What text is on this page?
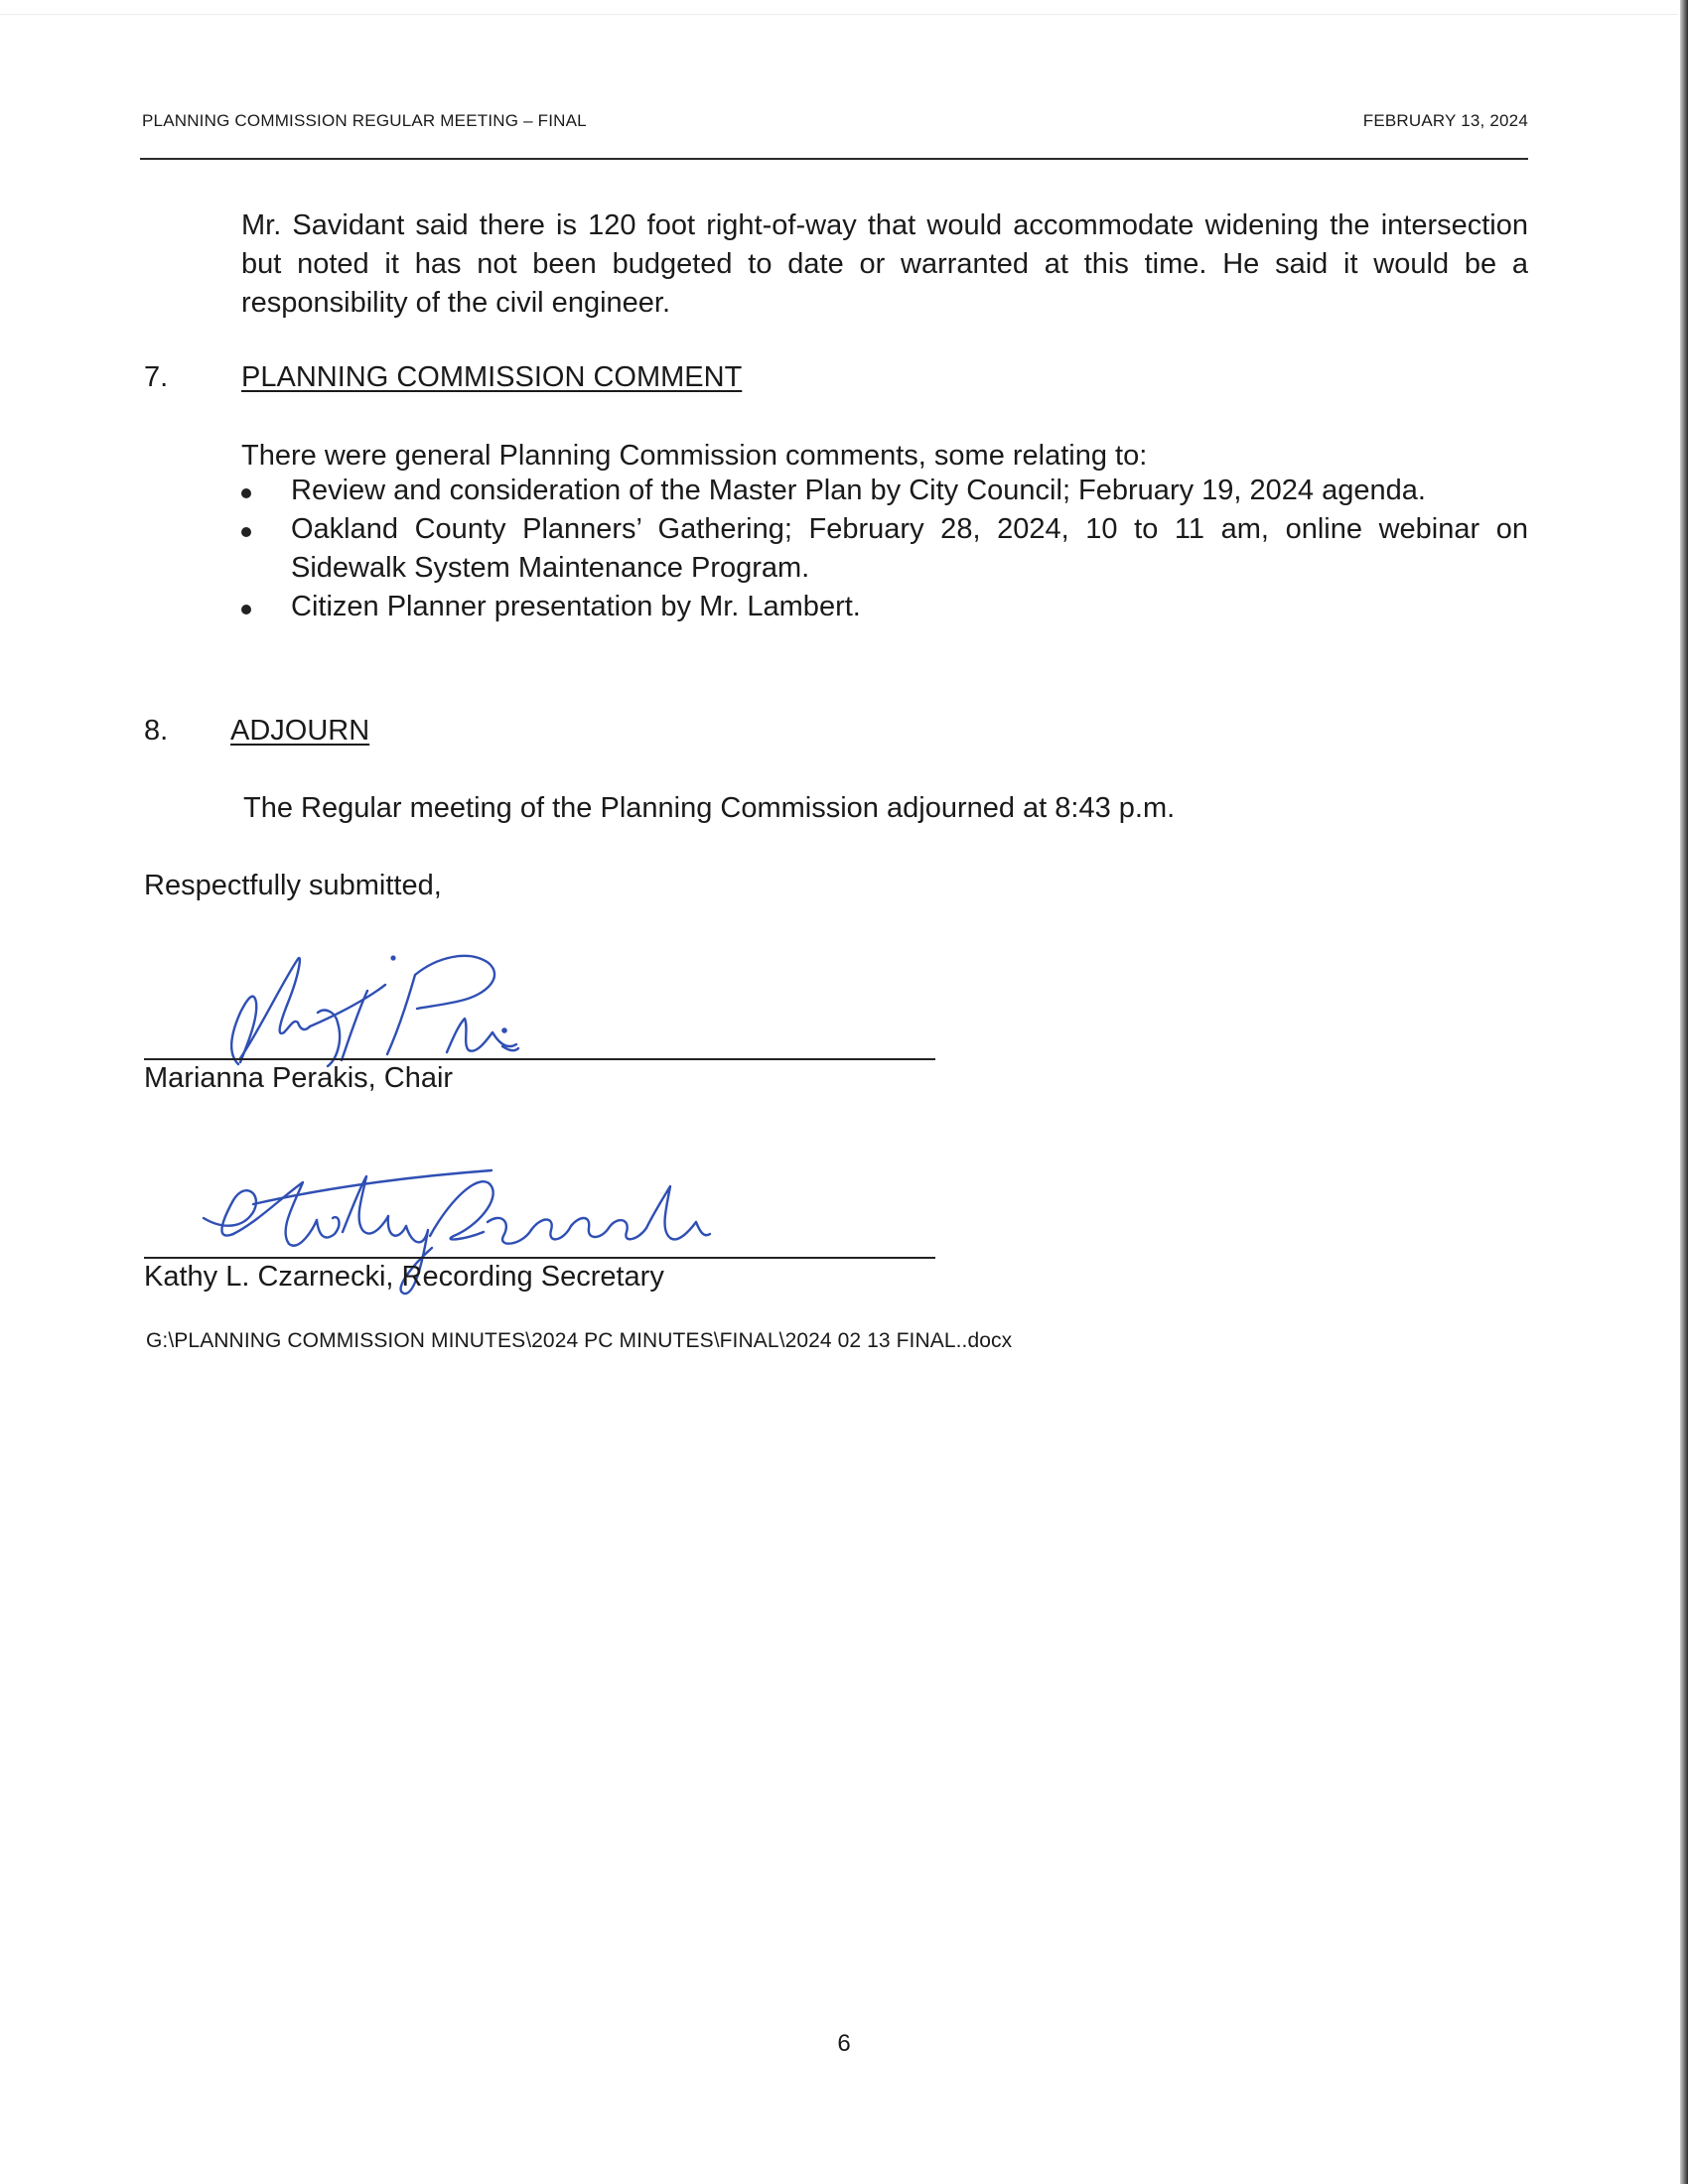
PLANNING COMMISSION REGULAR MEETING – FINAL	FEBRUARY 13, 2024
Mr. Savidant said there is 120 foot right-of-way that would accommodate widening the intersection but noted it has not been budgeted to date or warranted at this time. He said it would be a responsibility of the civil engineer.
7.	PLANNING COMMISSION COMMENT
There were general Planning Commission comments, some relating to:
Review and consideration of the Master Plan by City Council; February 19, 2024 agenda.
Oakland County Planners’ Gathering; February 28, 2024, 10 to 11 am, online webinar on Sidewalk System Maintenance Program.
Citizen Planner presentation by Mr. Lambert.
8. ADJOURN
The Regular meeting of the Planning Commission adjourned at 8:43 p.m.
Respectfully submitted,
Marianna Perakis, Chair
Kathy L. Czarnecki, Recording Secretary
G:\PLANNING COMMISSION MINUTES\2024 PC MINUTES\FINAL\2024 02 13 FINAL..docx
6
